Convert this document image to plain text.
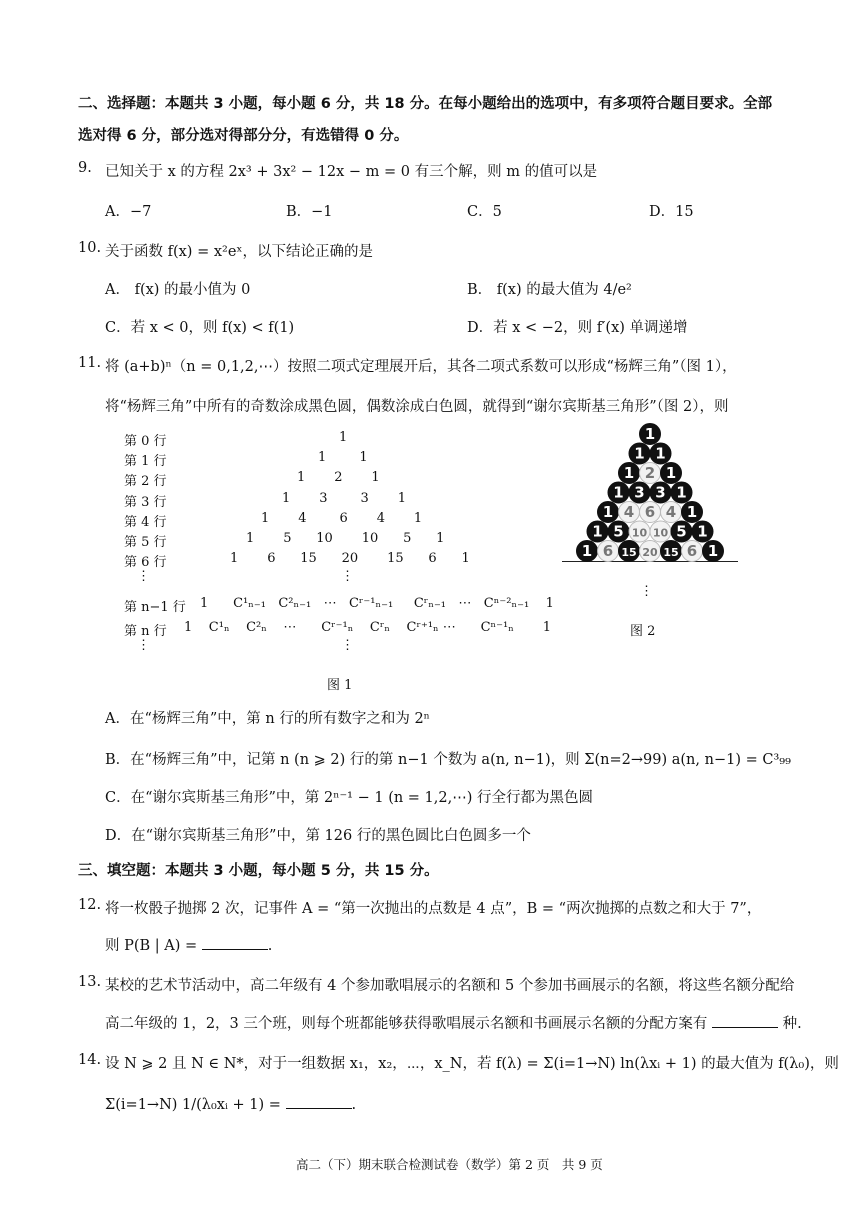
二、选择题：本题共 3 小题，每小题 6 分，共 18 分。在每小题给出的选项中，有多项符合题目要求。全部
选对得 6 分，部分选对得部分分，有选错得 0 分。
9. 已知关于 x 的方程 2x³ + 3x² − 12x − m = 0 有三个解，则 m 的值可以是
A．−7	B．−1	C．5	D．15
10. 关于函数 f(x) = x²eˣ，以下结论正确的是
A． f(x) 的最小值为 0	B． f(x) 的最大值为 4/e²
C．若 x < 0，则 f(x) < f(1)	D．若 x < −2，则 f′(x) 单调递增
11. 将 (a+b)ⁿ（n = 0,1,2,⋯）按照二项式定理展开后，其各二项式系数可以形成“杨辉三角”（图 1），
将“杨辉三角”中所有的奇数涂成黑色圆，偶数涂成白色圆，就得到“谢尔宾斯基三角形”（图 2），则
第 0 行	1
第 1 行	1        1
第 2 行	1       2       1
第 3 行	1       3        3       1
第 4 行	1       4        6       4       1
第 5 行	1       5      10       10      5      1
第 6 行	1       6      15      20       15      6      1
⋮	⋮
第 n−1 行 1      C¹ₙ₋₁   C²ₙ₋₁   ⋯   Cʳ⁻¹ₙ₋₁     Cʳₙ₋₁   ⋯   Cⁿ⁻²ₙ₋₁    1
第 n 行 1    C¹ₙ    C²ₙ    ⋯      Cʳ⁻¹ₙ    Cʳₙ    Cʳ⁺¹ₙ ⋯      Cⁿ⁻¹ₙ       1
⋮	⋮
图 1
1
1 1
1 2 1
1 3 3 1
1 4 6 4 1
1 5 10 10 5 1
1 6 15 20 15 6 1
⋮
图 2
A．在“杨辉三角”中，第 n 行的所有数字之和为 2ⁿ
B．在“杨辉三角”中，记第 n (n ⩾ 2) 行的第 n−1 个数为 a(n, n−1)，则 Σ(n=2→99) a(n, n−1) = C³₉₉
C．在“谢尔宾斯基三角形”中，第 2ⁿ⁻¹ − 1 (n = 1,2,⋯) 行全行都为黑色圆
D．在“谢尔宾斯基三角形”中，第 126 行的黑色圆比白色圆多一个
三、填空题：本题共 3 小题，每小题 5 分，共 15 分。
12. 将一枚骰子抛掷 2 次，记事件 A = “第一次抛出的点数是 4 点”，B = “两次抛掷的点数之和大于 7”，
则 P(B | A) =	.
13. 某校的艺术节活动中，高二年级有 4 个参加歌唱展示的名额和 5 个参加书画展示的名额，将这些名额分配给
高二年级的 1，2，3 三个班，则每个班都能够获得歌唱展示名额和书画展示名额的分配方案有	种.
14. 设 N ⩾ 2 且 N ∈ N*，对于一组数据 x₁，x₂，⋯，x_N，若 f(λ) = Σ(i=1→N) ln(λxᵢ + 1) 的最大值为 f(λ₀)，则
Σ(i=1→N) 1/(λ₀xᵢ + 1) =	.
高二（下）期末联合检测试卷（数学）第 2 页　共 9 页
